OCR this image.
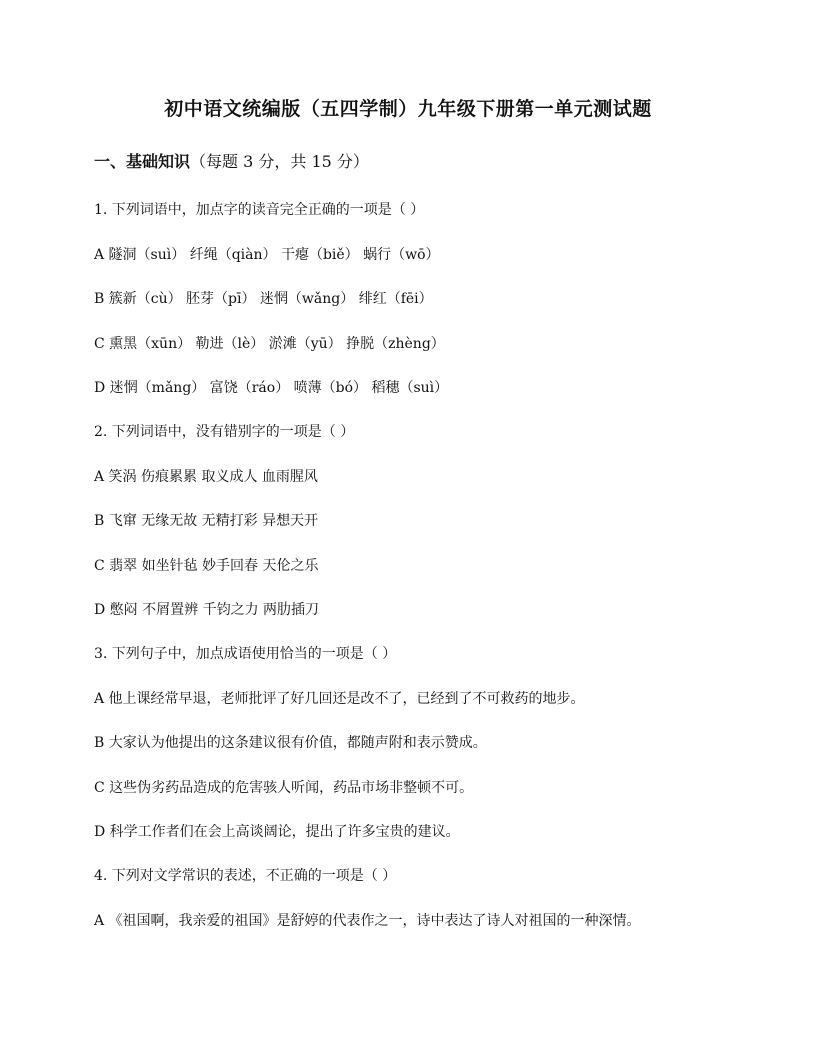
初中语文统编版（五四学制）九年级下册第一单元测试题
一、基础知识（每题 3 分，共 15 分）
1. 下列词语中，加点字的读音完全正确的一项是（ ）
A 隧洞（suì） 纤绳（qiàn） 干瘪（biě） 蜗行（wō）
B 簇新（cù） 胚芽（pī） 迷惘（wǎng） 绯红（fēi）
C 熏黑（xūn） 勒进（lè） 淤滩（yū） 挣脱（zhèng）
D 迷惘（mǎng） 富饶（ráo） 喷薄（bó） 稻穗（suì）
2. 下列词语中，没有错别字的一项是（ ）
A 笑涡 伤痕累累 取义成人 血雨腥风
B 飞窜 无缘无故 无精打彩 异想天开
C 翡翠 如坐针毡 妙手回春 天伦之乐
D 憋闷 不屑置辨 千钧之力 两肋插刀
3. 下列句子中，加点成语使用恰当的一项是（ ）
A 他上课经常早退，老师批评了好几回还是改不了，已经到了不可救药的地步。
B 大家认为他提出的这条建议很有价值，都随声附和表示赞成。
C 这些伪劣药品造成的危害骇人听闻，药品市场非整顿不可。
D 科学工作者们在会上高谈阔论，提出了许多宝贵的建议。
4. 下列对文学常识的表述，不正确的一项是（ ）
A 《祖国啊，我亲爱的祖国》是舒婷的代表作之一，诗中表达了诗人对祖国的一种深情。
